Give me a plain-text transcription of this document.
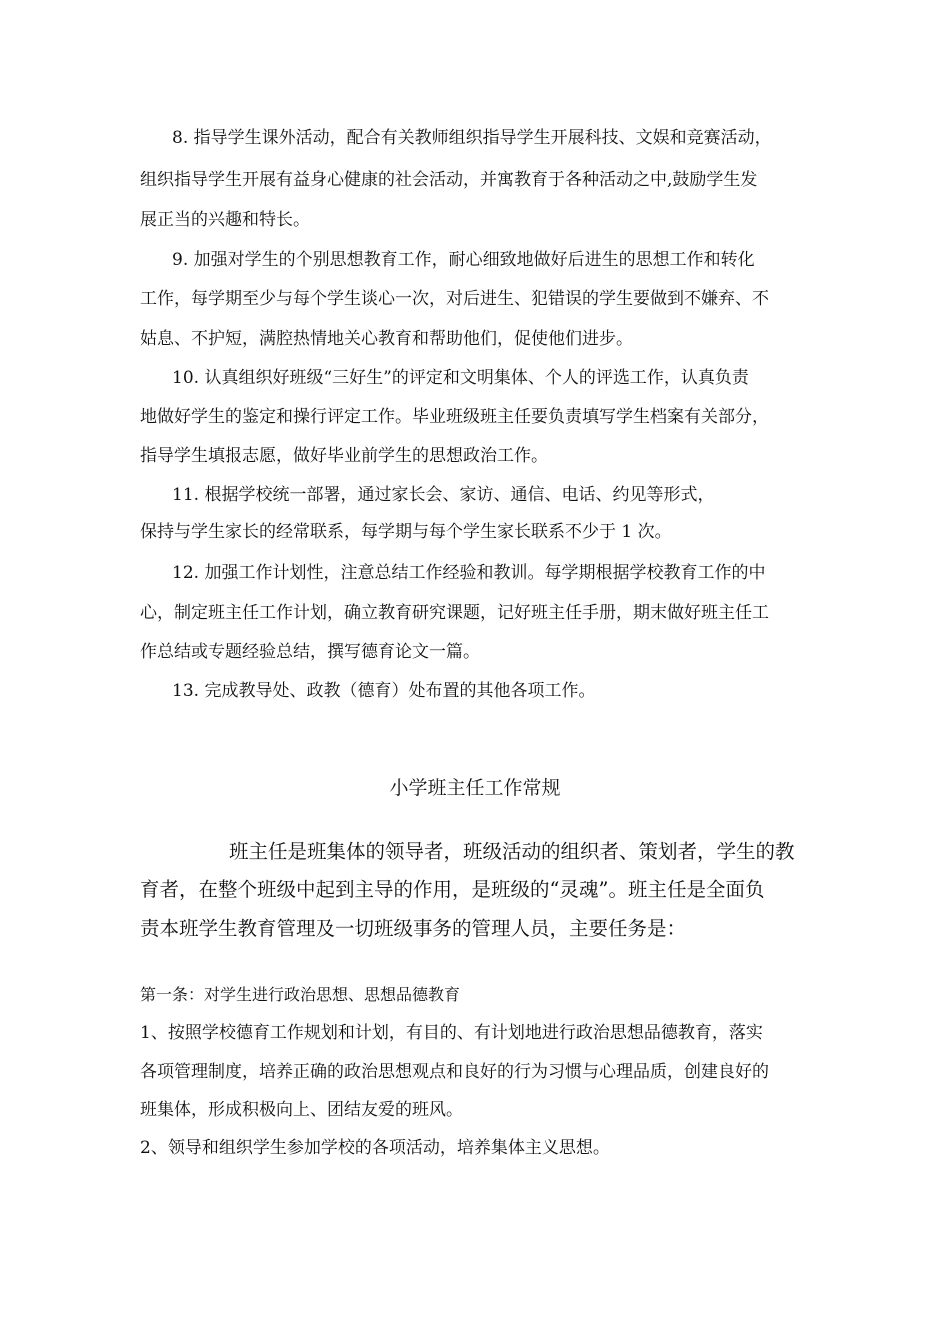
8. 指导学生课外活动，配合有关教师组织指导学生开展科技、文娱和竞赛活动，
组织指导学生开展有益身心健康的社会活动，并寓教育于各种活动之中,鼓励学生发
展正当的兴趣和特长。
9. 加强对学生的个别思想教育工作，耐心细致地做好后进生的思想工作和转化
工作，每学期至少与每个学生谈心一次，对后进生、犯错误的学生要做到不嫌弃、不
姑息、不护短，满腔热情地关心教育和帮助他们，促使他们进步。
10. 认真组织好班级“三好生”的评定和文明集体、个人的评选工作，认真负责
地做好学生的鉴定和操行评定工作。毕业班级班主任要负责填写学生档案有关部分，
指导学生填报志愿，做好毕业前学生的思想政治工作。
11. 根据学校统一部署，通过家长会、家访、通信、电话、约见等形式，
保持与学生家长的经常联系，每学期与每个学生家长联系不少于 1 次。
12. 加强工作计划性，注意总结工作经验和教训。每学期根据学校教育工作的中
心，制定班主任工作计划，确立教育研究课题，记好班主任手册，期末做好班主任工
作总结或专题经验总结，撰写德育论文一篇。
13. 完成教导处、政教（德育）处布置的其他各项工作。
小学班主任工作常规
班主任是班集体的领导者，班级活动的组织者、策划者，学生的教
育者，在整个班级中起到主导的作用，是班级的“灵魂”。班主任是全面负
责本班学生教育管理及一切班级事务的管理人员，主要任务是：
第一条：对学生进行政治思想、思想品德教育
1、按照学校德育工作规划和计划，有目的、有计划地进行政治思想品德教育，落实
各项管理制度，培养正确的政治思想观点和良好的行为习惯与心理品质，创建良好的
班集体，形成积极向上、团结友爱的班风。
2、领导和组织学生参加学校的各项活动，培养集体主义思想。
